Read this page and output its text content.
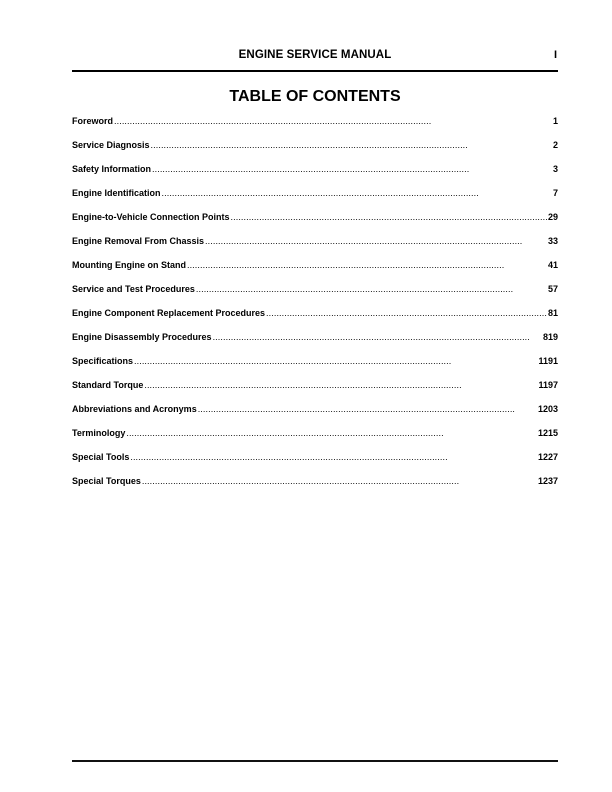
ENGINE SERVICE MANUAL	I
TABLE OF CONTENTS
Foreword . . .	1
Service Diagnosis . . .	2
Safety Information . . .	3
Engine Identification . . .	7
Engine-to-Vehicle Connection Points . . .	29
Engine Removal From Chassis . . .	33
Mounting Engine on Stand . . .	41
Service and Test Procedures . . .	57
Engine Component Replacement Procedures . . .	81
Engine Disassembly Procedures . . .	819
Specifications . . .	1191
Standard Torque . . .	1197
Abbreviations and Acronyms . . .	1203
Terminology . . .	1215
Special Tools . . .	1227
Special Torques . . .	1237
